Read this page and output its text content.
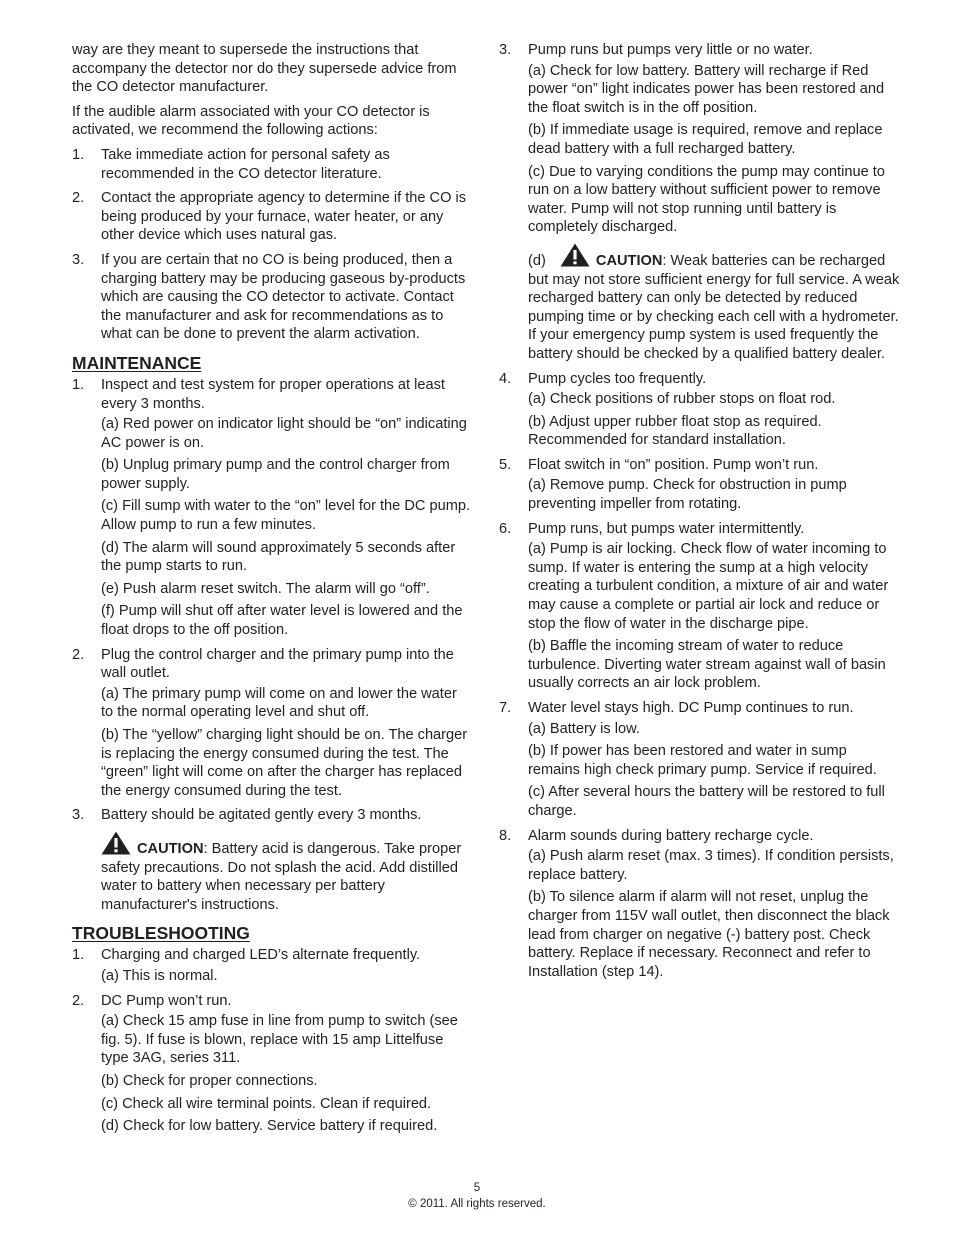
way are they meant to supersede the instructions that accompany the detector nor do they supersede advice from the CO detector manufacturer.

If the audible alarm associated with your CO detector is activated, we recommend the following actions:

1. Take immediate action for personal safety as recommended in the CO detector literature.
2. Contact the appropriate agency to determine if the CO is being produced by your furnace, water heater, or any other device which uses natural gas.
3. If you are certain that no CO is being produced, then a charging battery may be producing gaseous by-products which are causing the CO detector to activate. Contact the manufacturer and ask for recommendations as to what can be done to prevent the alarm activation.
MAINTENANCE
1. Inspect and test system for proper operations at least every 3 months.
(a) Red power on indicator light should be “on” indicating AC power is on.
(b) Unplug primary pump and the control charger from power supply.
(c) Fill sump with water to the “on” level for the DC pump. Allow pump to run a few minutes.
(d) The alarm will sound approximately 5 seconds after the pump starts to run.
(e) Push alarm reset switch. The alarm will go “off”.
(f) Pump will shut off after water level is lowered and the float drops to the off position.
2. Plug the control charger and the primary pump into the wall outlet.
(a) The primary pump will come on and lower the water to the normal operating level and shut off.
(b) The “yellow” charging light should be on. The charger is replacing the energy consumed during the test. The “green” light will come on after the charger has replaced the energy consumed during the test.
3. Battery should be agitated gently every 3 months.
CAUTION: Battery acid is dangerous. Take proper safety precautions. Do not splash the acid. Add distilled water to battery when necessary per battery manufacturer's instructions.
TROUBLESHOOTING
1. Charging and charged LED’s alternate frequently.
(a) This is normal.
2. DC Pump won’t run.
(a) Check 15 amp fuse in line from pump to switch (see fig. 5). If fuse is blown, replace with 15 amp Littelfuse type 3AG, series 311.
(b) Check for proper connections.
(c) Check all wire terminal points. Clean if required.
(d) Check for low battery. Service battery if required.
3. Pump runs but pumps very little or no water.
(a) Check for low battery. Battery will recharge if Red power “on” light indicates power has been restored and the float switch is in the off position.
(b) If immediate usage is required, remove and replace dead battery with a full recharged battery.
(c) Due to varying conditions the pump may continue to run on a low battery without sufficient power to remove water. Pump will not stop running until battery is completely discharged.
(d)	CAUTION: Weak batteries can be recharged but may not store sufficient energy for full service. A weak recharged battery can only be detected by reduced pumping time or by checking each cell with a hydrometer. If your emergency pump system is used frequently the battery should be checked by a qualified battery dealer.
4. Pump cycles too frequently.
(a) Check positions of rubber stops on float rod.
(b) Adjust upper rubber float stop as required. Recommended for standard installation.
5. Float switch in “on” position. Pump won’t run.
(a) Remove pump. Check for obstruction in pump preventing impeller from rotating.
6. Pump runs, but pumps water intermittently.
(a) Pump is air locking. Check flow of water incoming to sump. If water is entering the sump at a high velocity creating a turbulent condition, a mixture of air and water may cause a complete or partial air lock and reduce or stop the flow of water in the discharge pipe.
(b) Baffle the incoming stream of water to reduce turbulence. Diverting water stream against wall of basin usually corrects an air lock problem.
7. Water level stays high. DC Pump continues to run.
(a) Battery is low.
(b) If power has been restored and water in sump remains high check primary pump. Service if required.
(c) After several hours the battery will be restored to full charge.
8. Alarm sounds during battery recharge cycle.
(a) Push alarm reset (max. 3 times). If condition persists, replace battery.
(b) To silence alarm if alarm will not reset, unplug the charger from 115V wall outlet, then disconnect the black lead from charger on negative (-) battery post. Check battery. Replace if necessary. Reconnect and refer to Installation (step 14).
5
© 2011. All rights reserved.
